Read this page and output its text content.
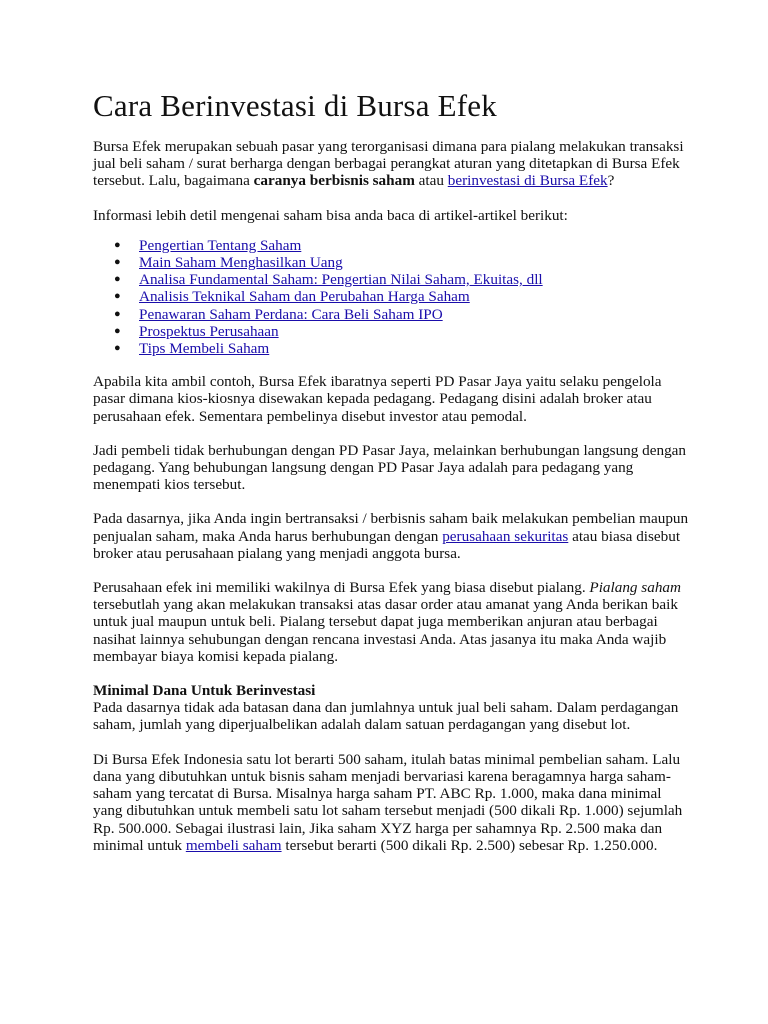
Cara Berinvestasi di Bursa Efek

Bursa Efek merupakan sebuah pasar yang terorganisasi dimana para pialang melakukan transaksi jual beli saham / surat berharga dengan berbagai perangkat aturan yang ditetapkan di Bursa Efek tersebut. Lalu, bagaimana caranya berbisnis saham atau berinvestasi di Bursa Efek?

Informasi lebih detil mengenai saham bisa anda baca di artikel-artikel berikut:

● Pengertian Tentang Saham
● Main Saham Menghasilkan Uang
● Analisa Fundamental Saham: Pengertian Nilai Saham, Ekuitas, dll
● Analisis Teknikal Saham dan Perubahan Harga Saham
● Penawaran Saham Perdana: Cara Beli Saham IPO
● Prospektus Perusahaan
● Tips Membeli Saham

Apabila kita ambil contoh, Bursa Efek ibaratnya seperti PD Pasar Jaya yaitu selaku pengelola pasar dimana kios-kiosnya disewakan kepada pedagang. Pedagang disini adalah broker atau perusahaan efek. Sementara pembelinya disebut investor atau pemodal.

Jadi pembeli tidak berhubungan dengan PD Pasar Jaya, melainkan berhubungan langsung dengan pedagang. Yang behubungan langsung dengan PD Pasar Jaya adalah para pedagang yang menempati kios tersebut.

Pada dasarnya, jika Anda ingin bertransaksi / berbisnis saham baik melakukan pembelian maupun penjualan saham, maka Anda harus berhubungan dengan perusahaan sekuritas atau biasa disebut broker atau perusahaan pialang yang menjadi anggota bursa.

Perusahaan efek ini memiliki wakilnya di Bursa Efek yang biasa disebut pialang. Pialang saham tersebutlah yang akan melakukan transaksi atas dasar order atau amanat yang Anda berikan baik untuk jual maupun untuk beli. Pialang tersebut dapat juga memberikan anjuran atau berbagai nasihat lainnya sehubungan dengan rencana investasi Anda. Atas jasanya itu maka Anda wajib membayar biaya komisi kepada pialang.

Minimal Dana Untuk Berinvestasi
Pada dasarnya tidak ada batasan dana dan jumlahnya untuk jual beli saham. Dalam perdagangan saham, jumlah yang diperjualbelikan adalah dalam satuan perdagangan yang disebut lot.

Di Bursa Efek Indonesia satu lot berarti 500 saham, itulah batas minimal pembelian saham. Lalu dana yang dibutuhkan untuk bisnis saham menjadi bervariasi karena beragamnya harga saham-saham yang tercatat di Bursa. Misalnya harga saham PT. ABC Rp. 1.000, maka dana minimal yang dibutuhkan untuk membeli satu lot saham tersebut menjadi (500 dikali Rp. 1.000) sejumlah Rp. 500.000. Sebagai ilustrasi lain, Jika saham XYZ harga per sahamnya Rp. 2.500 maka dan minimal untuk membeli saham tersebut berarti (500 dikali Rp. 2.500) sebesar Rp. 1.250.000.
